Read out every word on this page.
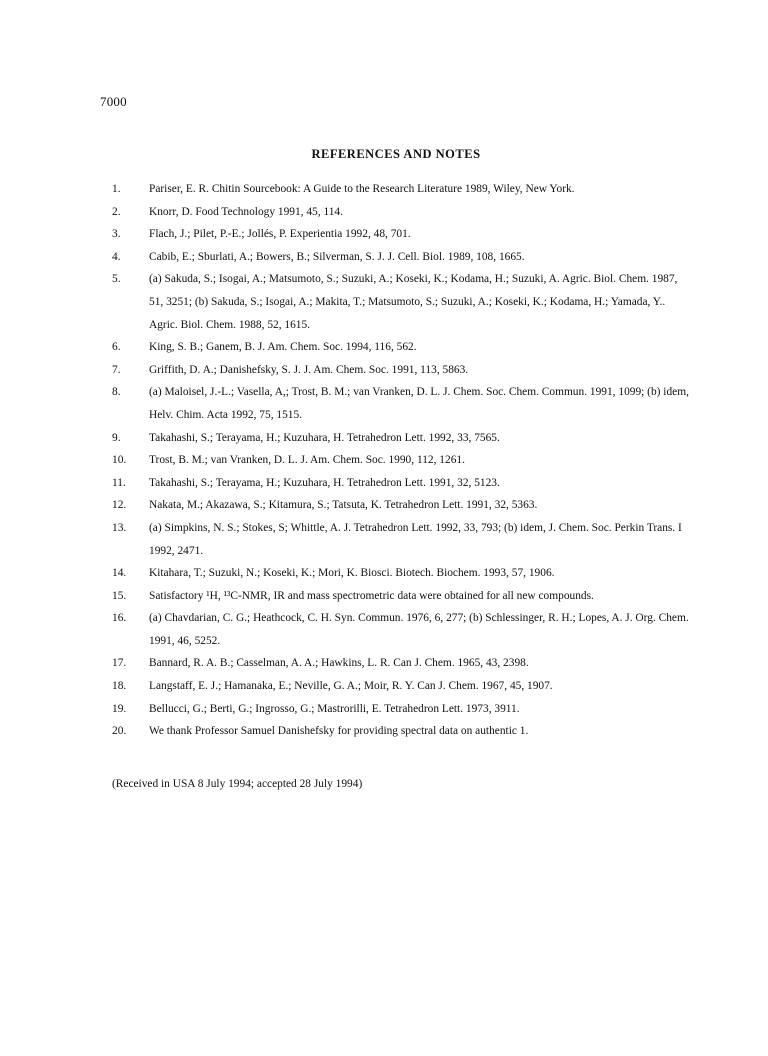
7000
REFERENCES AND NOTES
1.	Pariser, E. R. Chitin Sourcebook: A Guide to the Research Literature 1989, Wiley, New York.
2.	Knorr, D. Food Technology 1991, 45, 114.
3.	Flach, J.; Pilet, P.-E.; Jollés, P. Experientia 1992, 48, 701.
4.	Cabib, E.; Sburlati, A.; Bowers, B.; Silverman, S. J. J. Cell. Biol. 1989, 108, 1665.
5.	(a) Sakuda, S.; Isogai, A.; Matsumoto, S.; Suzuki, A.; Koseki, K.; Kodama, H.; Suzuki, A. Agric. Biol. Chem. 1987, 51, 3251; (b) Sakuda, S.; Isogai, A.; Makita, T.; Matsumoto, S.; Suzuki, A.; Koseki, K.; Kodama, H.; Yamada, Y.. Agric. Biol. Chem. 1988, 52, 1615.
6.	King, S. B.; Ganem, B. J. Am. Chem. Soc. 1994, 116, 562.
7.	Griffith, D. A.; Danishefsky, S. J. J. Am. Chem. Soc. 1991, 113, 5863.
8.	(a) Maloisel, J.-L.; Vasella, A,; Trost, B. M.; van Vranken, D. L. J. Chem. Soc. Chem. Commun. 1991, 1099; (b) idem, Helv. Chim. Acta 1992, 75, 1515.
9.	Takahashi, S.; Terayama, H.; Kuzuhara, H. Tetrahedron Lett. 1992, 33, 7565.
10.	Trost, B. M.; van Vranken, D. L. J. Am. Chem. Soc. 1990, 112, 1261.
11.	Takahashi, S.; Terayama, H.; Kuzuhara, H. Tetrahedron Lett. 1991, 32, 5123.
12.	Nakata, M.; Akazawa, S.; Kitamura, S.; Tatsuta, K. Tetrahedron Lett. 1991, 32, 5363.
13.	(a) Simpkins, N. S.; Stokes, S; Whittle, A. J. Tetrahedron Lett. 1992, 33, 793; (b) idem, J. Chem. Soc. Perkin Trans. I 1992, 2471.
14.	Kitahara, T.; Suzuki, N.; Koseki, K.; Mori, K. Biosci. Biotech. Biochem. 1993, 57, 1906.
15.	Satisfactory ¹H, ¹³C-NMR, IR and mass spectrometric data were obtained for all new compounds.
16.	(a) Chavdarian, C. G.; Heathcock, C. H. Syn. Commun. 1976, 6, 277; (b) Schlessinger, R. H.; Lopes, A. J. Org. Chem. 1991, 46, 5252.
17.	Bannard, R. A. B.; Casselman, A. A.; Hawkins, L. R. Can J. Chem. 1965, 43, 2398.
18.	Langstaff, E. J.; Hamanaka, E.; Neville, G. A.; Moir, R. Y. Can J. Chem. 1967, 45, 1907.
19.	Bellucci, G.; Berti, G.; Ingrosso, G.; Mastrorilli, E. Tetrahedron Lett. 1973, 3911.
20.	We thank Professor Samuel Danishefsky for providing spectral data on authentic 1.
(Received in USA 8 July 1994; accepted 28 July 1994)
